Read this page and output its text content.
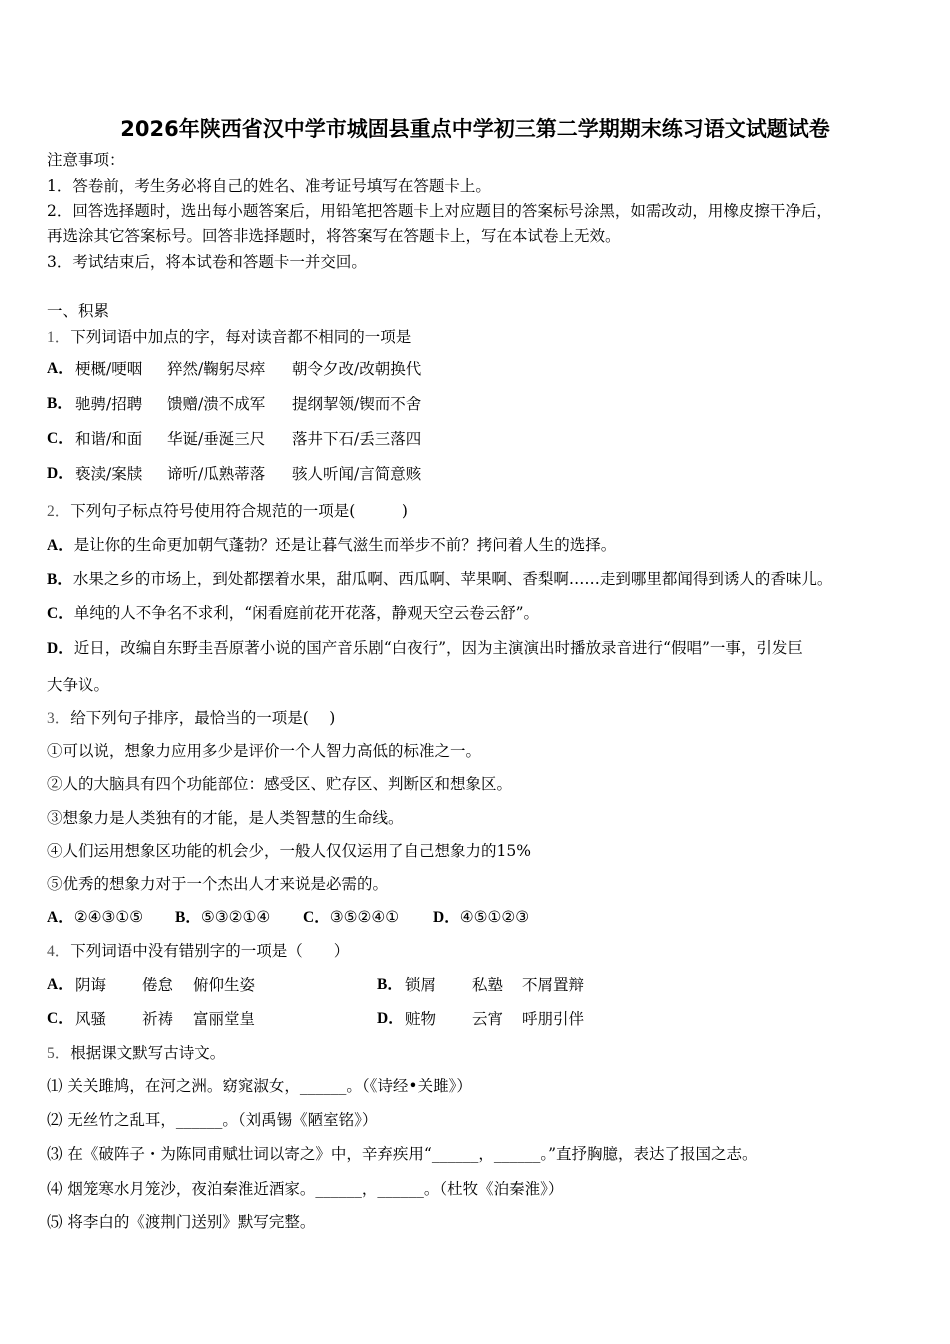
2026年陕西省汉中学市城固县重点中学初三第二学期期末练习语文试题试卷
注意事项：
1．答卷前，考生务必将自己的姓名、准考证号填写在答题卡上。
2．回答选择题时，选出每小题答案后，用铅笔把答题卡上对应题目的答案标号涂黑，如需改动，用橡皮擦干净后，
再选涂其它答案标号。回答非选择题时，将答案写在答题卡上，写在本试卷上无效。
3．考试结束后，将本试卷和答题卡一并交回。
一、积累
1．下列词语中加点的字，每对读音都不相同的一项是
A． 梗概/哽咽 猝然/鞠躬尽瘁 朝令夕改/改朝换代
B． 驰骋/招聘 馈赠/溃不成军 提纲挈领/锲而不舍
C． 和谐/和面 华诞/垂涎三尺 落井下石/丢三落四
D． 亵渎/案牍 谛听/瓜熟蒂落 骇人听闻/言简意赅
2．下列句子标点符号使用符合规范的一项是(　　　)
A．是让你的生命更加朝气蓬勃？还是让暮气滋生而举步不前？拷问着人生的选择。
B．水果之乡的市场上，到处都摆着水果，甜瓜啊、西瓜啊、苹果啊、香梨啊……走到哪里都闻得到诱人的香味儿。
C．单纯的人不争名不求利，“闲看庭前花开花落，静观天空云卷云舒”。
D．近日，改编自东野圭吾原著小说的国产音乐剧“白夜行”，因为主演演出时播放录音进行“假唱”一事，引发巨
大争议。
3．给下列句子排序，最恰当的一项是(　 )
①可以说，想象力应用多少是评价一个人智力高低的标准之一。
②人的大脑具有四个功能部位：感受区、贮存区、判断区和想象区。
③想象力是人类独有的才能，是人类智慧的生命线。
④人们运用想象区功能的机会少，一般人仅仅运用了自己想象力的15%
⑤优秀的想象力对于一个杰出人才来说是必需的。
A．②④③①⑤ B．⑤③②①④ C．③⑤②④① D．④⑤①②③
4．下列词语中没有错别字的一项是（　　）
A． 阴诲 倦怠 俯仰生姿	B． 锁屑 私塾 不屑置辩
C． 风骚 祈祷 富丽堂皇	D． 赃物 云宵 呼朋引伴
5．根据课文默写古诗文。
⑴ 关关雎鸠，在河之洲。窈窕淑女，______。（《诗经•关雎》）
⑵ 无丝竹之乱耳，______。（刘禹锡《陋室铭》）
⑶ 在《破阵子・为陈同甫赋壮词以寄之》中，辛弃疾用“______，______。”直抒胸臆，表达了报国之志。
⑷ 烟笼寒水月笼沙，夜泊秦淮近酒家。______，______。（杜牧《泊秦淮》）
⑸ 将李白的《渡荆门送别》默写完整。
